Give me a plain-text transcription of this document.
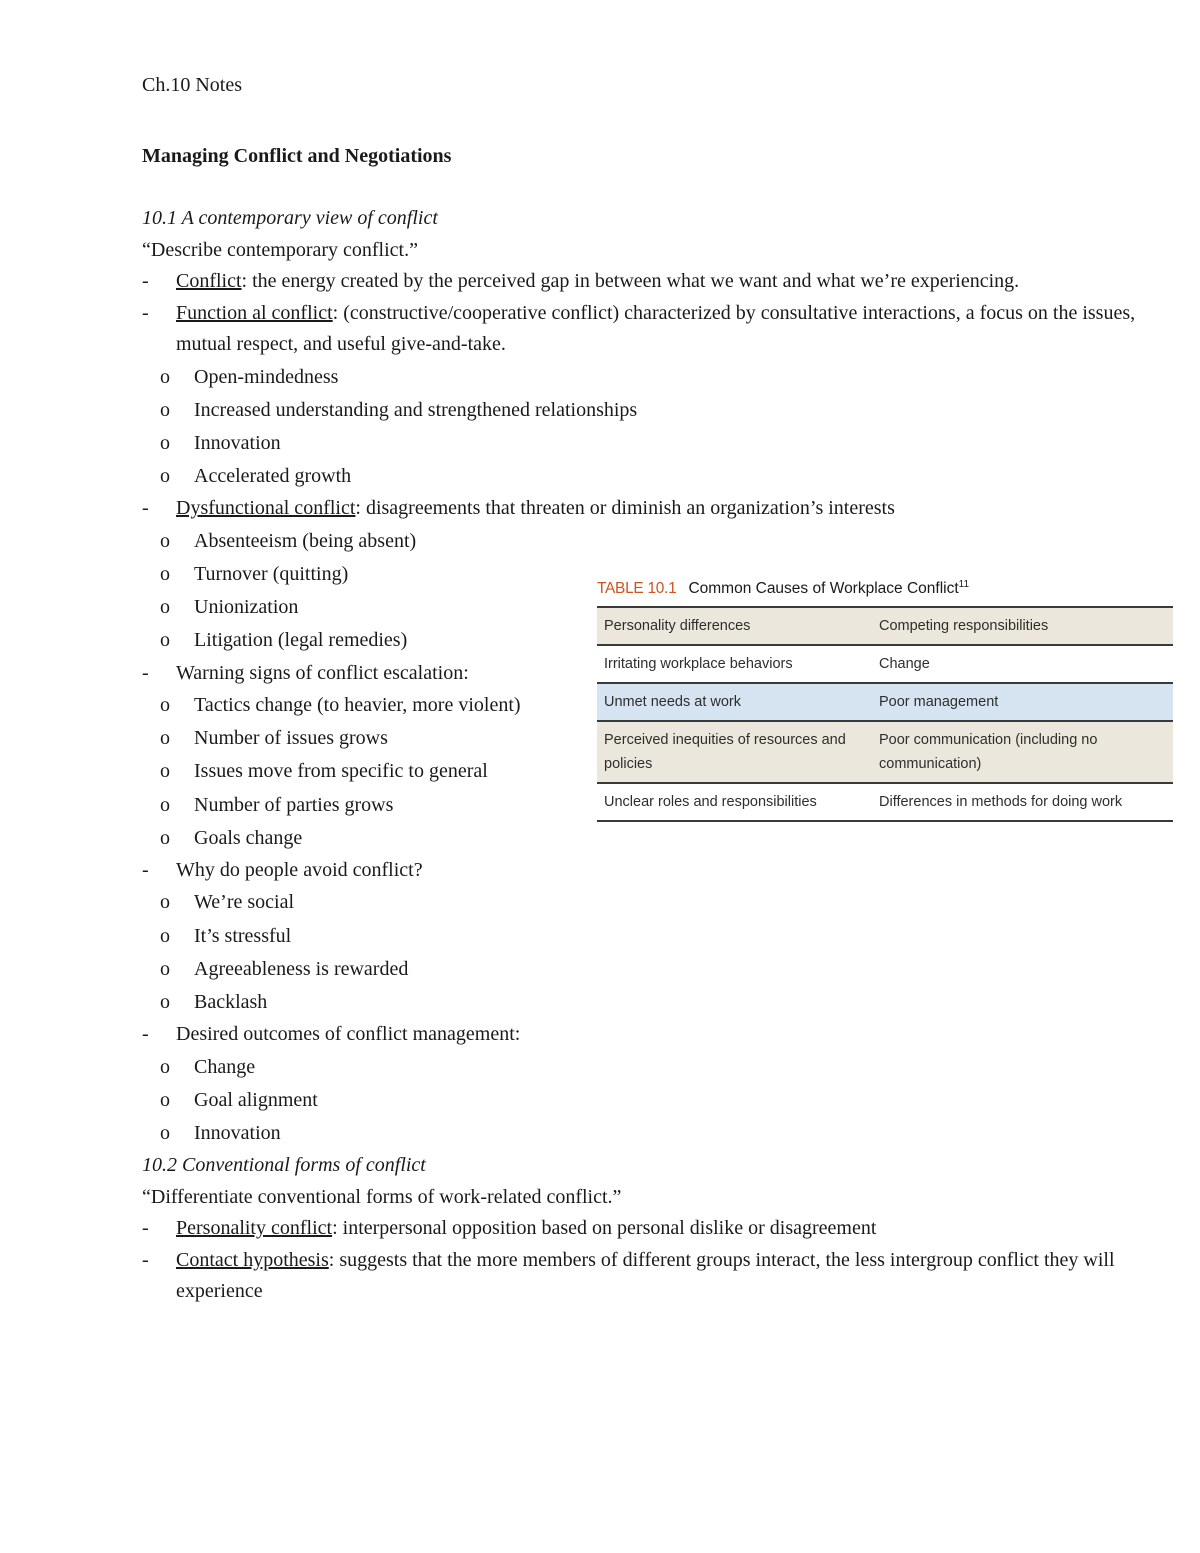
Ch.10 Notes

Managing Conflict and Negotiations

10.1 A contemporary view of conflict

“Describe contemporary conflict.”

- Conflict: the energy created by the perceived gap in between what we want and what we’re experiencing.
- Function al conflict: (constructive/cooperative conflict) characterized by consultative interactions, a focus on the issues, mutual respect, and useful give-and-take.
o Open-mindedness
o Increased understanding and strengthened relationships
o Innovation
o Accelerated growth
- Dysfunctional conflict: disagreements that threaten or diminish an organization’s interests
o Absenteeism (being absent)
o Turnover (quitting)
o Unionization
o Litigation (legal remedies)
- Warning signs of conflict escalation:
o Tactics change (to heavier, more violent)
o Number of issues grows
o Issues move from specific to general
o Number of parties grows
o Goals change
- Why do people avoid conflict?
o We’re social
o It’s stressful
o Agreeableness is rewarded
o Backlash
- Desired outcomes of conflict management:
o Change
o Goal alignment
o Innovation

10.2 Conventional forms of conflict

“Differentiate conventional forms of work-related conflict.”

- Personality conflict: interpersonal opposition based on personal dislike or disagreement
- Contact hypothesis: suggests that the more members of different groups interact, the less intergroup conflict they will experience
TABLE 10.1 Common Causes of Workplace Conflict$^{11}$
Personality differences	Competing responsibilities
Irritating workplace behaviors	Change
Unmet needs at work	Poor management
Perceived inequities of resources and policies	Poor communication (including no communication)
Unclear roles and responsibilities	Differences in methods for doing work
